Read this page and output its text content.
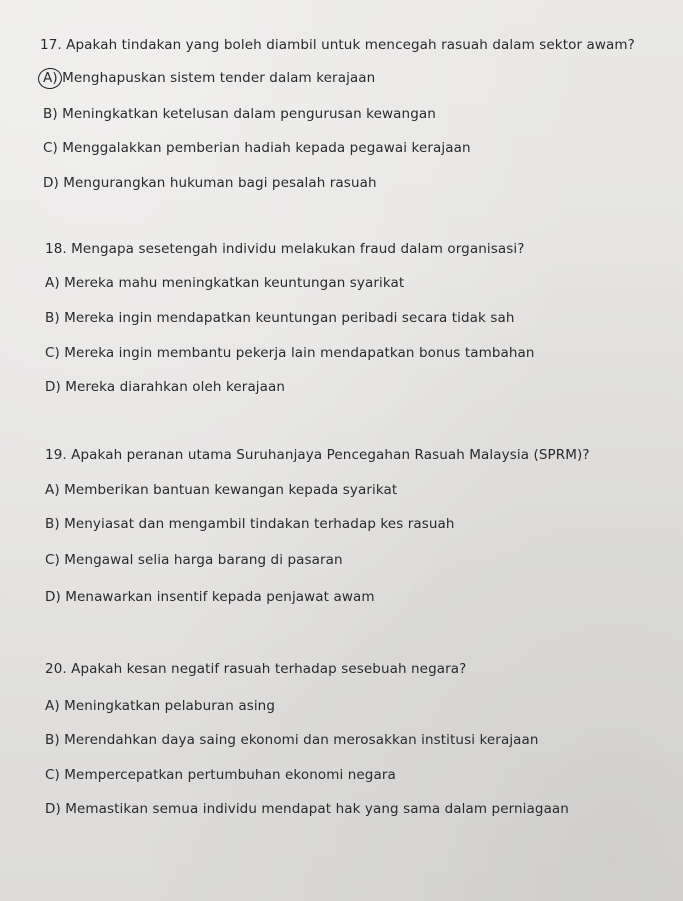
17. Apakah tindakan yang boleh diambil untuk mencegah rasuah dalam sektor awam?
A) Menghapuskan sistem tender dalam kerajaan
B) Meningkatkan ketelusan dalam pengurusan kewangan
C) Menggalakkan pemberian hadiah kepada pegawai kerajaan
D) Mengurangkan hukuman bagi pesalah rasuah
18. Mengapa sesetengah individu melakukan fraud dalam organisasi?
A) Mereka mahu meningkatkan keuntungan syarikat
B) Mereka ingin mendapatkan keuntungan peribadi secara tidak sah
C) Mereka ingin membantu pekerja lain mendapatkan bonus tambahan
D) Mereka diarahkan oleh kerajaan
19. Apakah peranan utama Suruhanjaya Pencegahan Rasuah Malaysia (SPRM)?
A) Memberikan bantuan kewangan kepada syarikat
B) Menyiasat dan mengambil tindakan terhadap kes rasuah
C) Mengawal selia harga barang di pasaran
D) Menawarkan insentif kepada penjawat awam
20. Apakah kesan negatif rasuah terhadap sesebuah negara?
A) Meningkatkan pelaburan asing
B) Merendahkan daya saing ekonomi dan merosakkan institusi kerajaan
C) Mempercepatkan pertumbuhan ekonomi negara
D) Memastikan semua individu mendapat hak yang sama dalam perniagaan
